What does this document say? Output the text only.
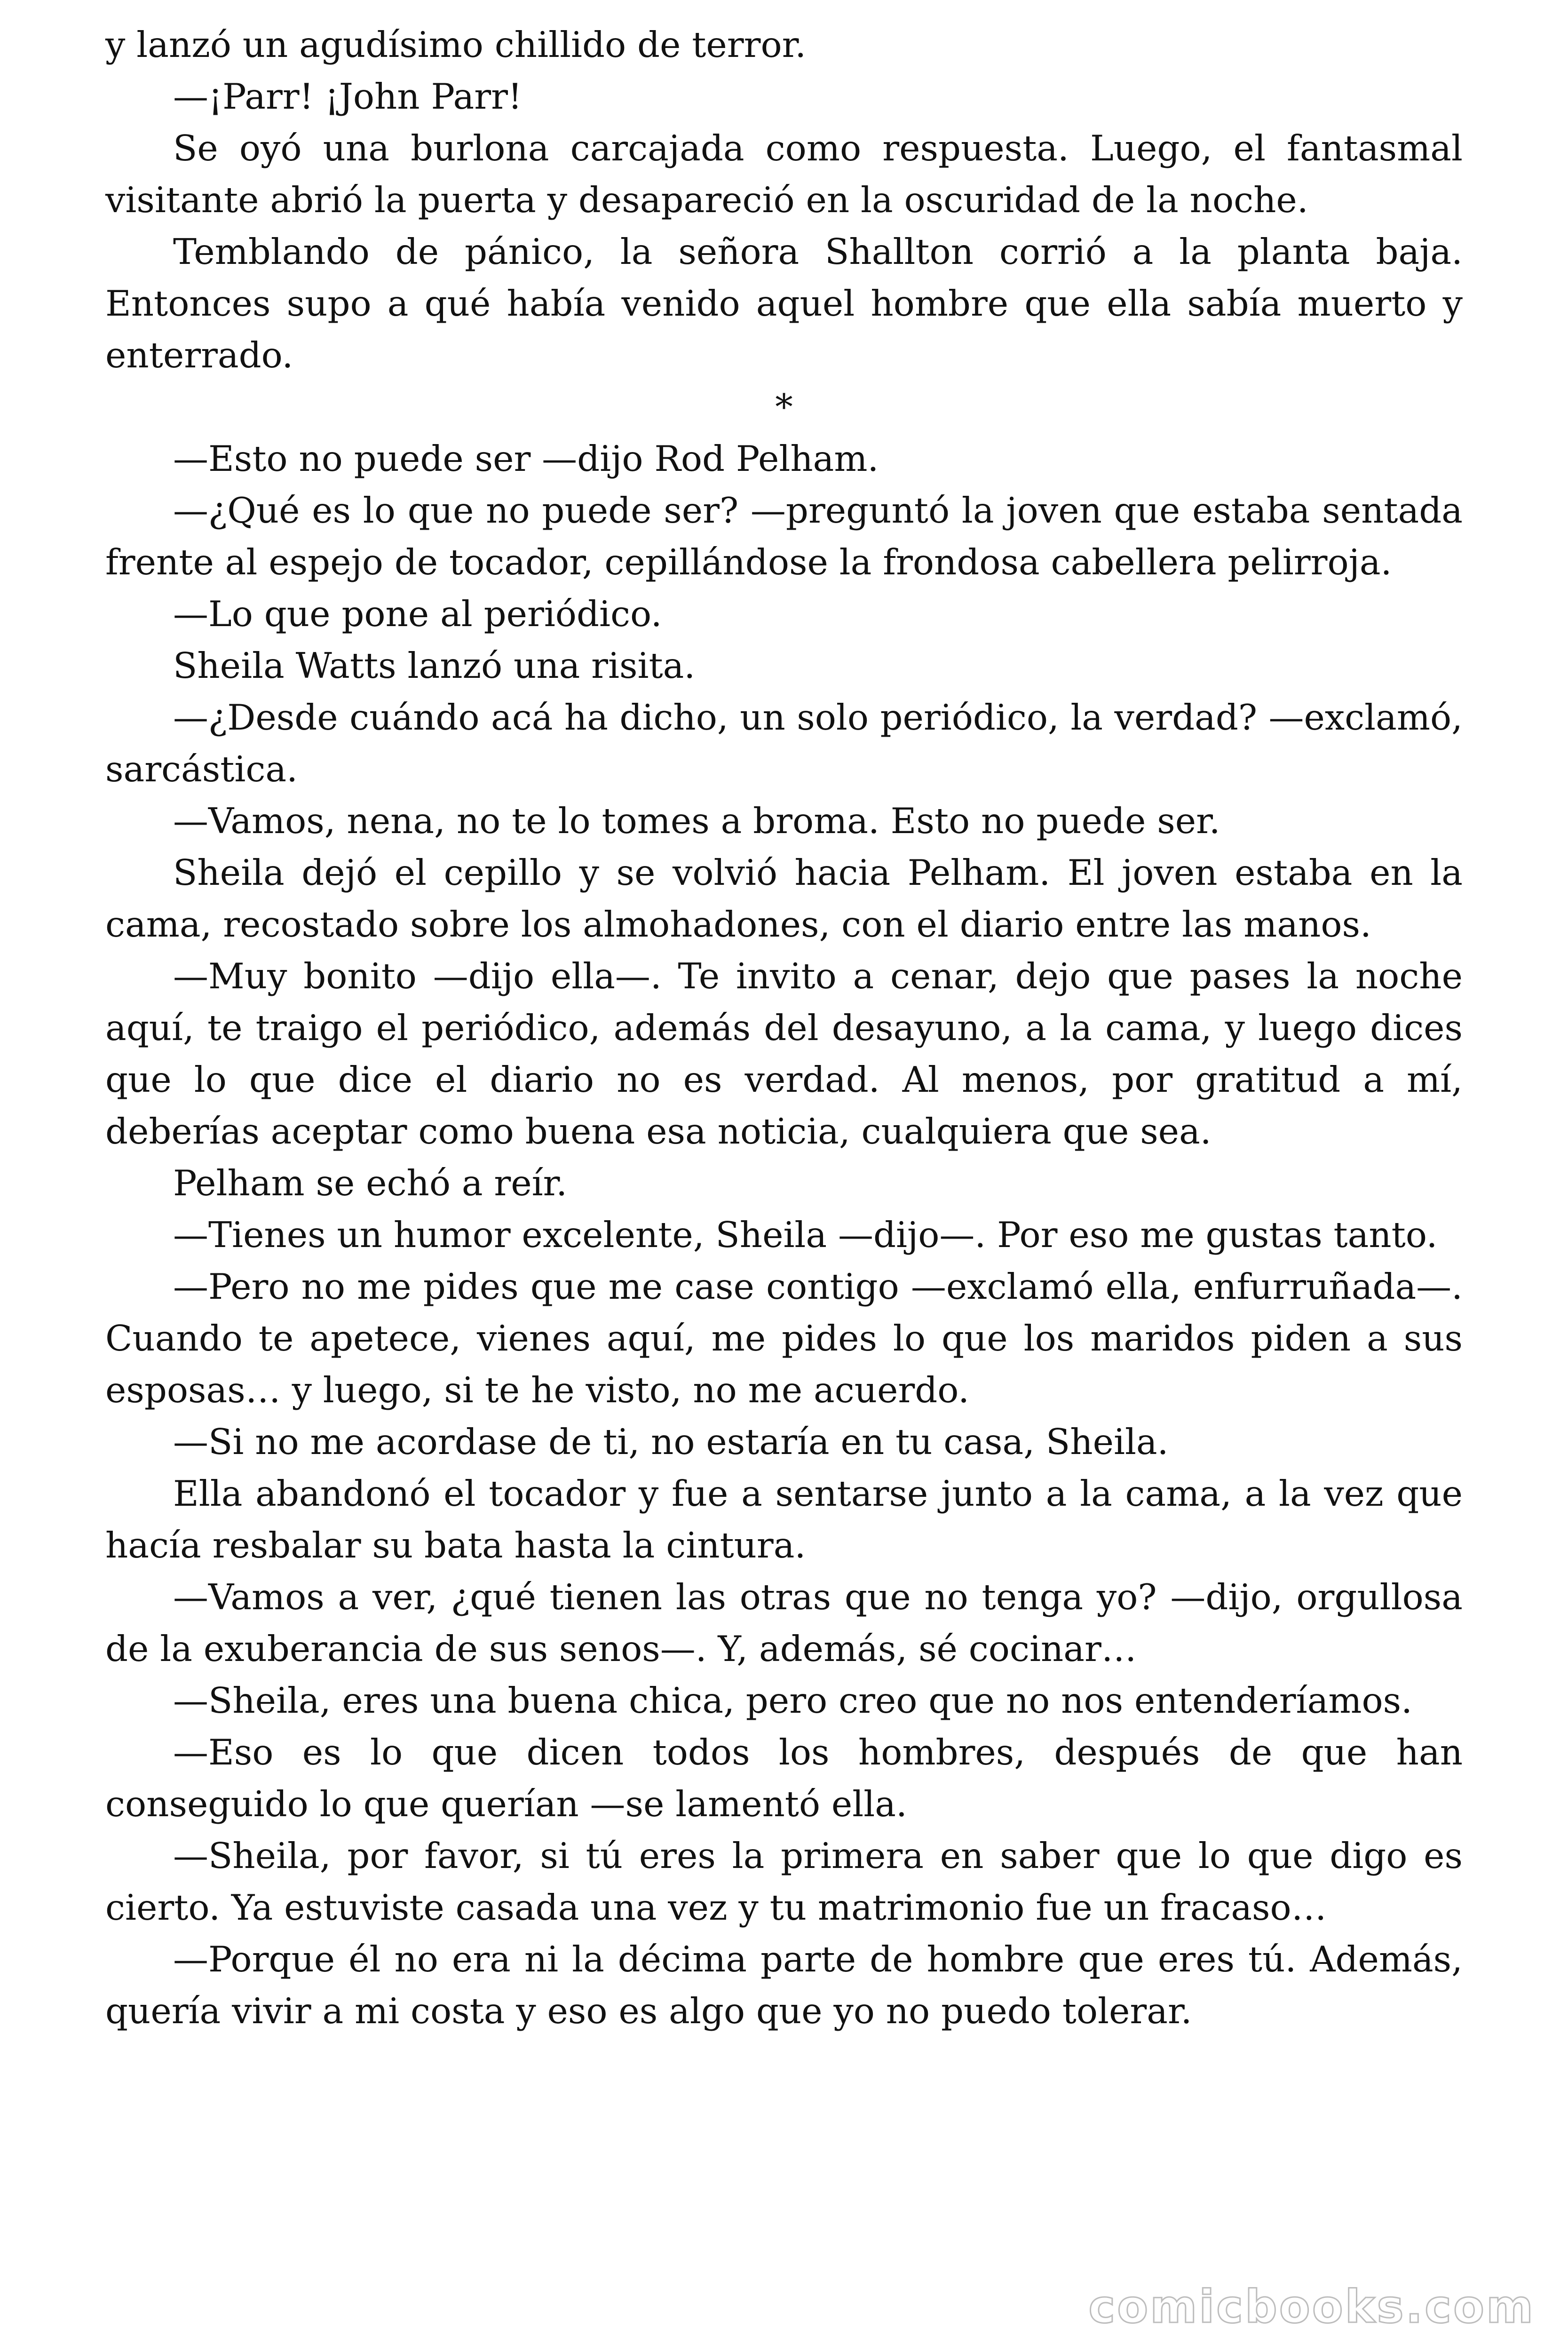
y lanzó un agudísimo chillido de terror.

—¡Parr! ¡John Parr!

Se oyó una burlona carcajada como respuesta. Luego, el fantasmal visitante abrió la puerta y desapareció en la oscuridad de la noche.

Temblando de pánico, la señora Shallton corrió a la planta baja. Entonces supo a qué había venido aquel hombre que ella sabía muerto y enterrado.

*

—Esto no puede ser —dijo Rod Pelham.

—¿Qué es lo que no puede ser? —preguntó la joven que estaba sentada frente al espejo de tocador, cepillándose la frondosa cabellera pelirroja.

—Lo que pone al periódico.

Sheila Watts lanzó una risita.

—¿Desde cuándo acá ha dicho, un solo periódico, la verdad? —exclamó, sarcástica.

—Vamos, nena, no te lo tomes a broma. Esto no puede ser.

Sheila dejó el cepillo y se volvió hacia Pelham. El joven estaba en la cama, recostado sobre los almohadones, con el diario entre las manos.

—Muy bonito —dijo ella—. Te invito a cenar, dejo que pases la noche aquí, te traigo el periódico, además del desayuno, a la cama, y luego dices que lo que dice el diario no es verdad. Al menos, por gratitud a mí, deberías aceptar como buena esa noticia, cualquiera que sea.

Pelham se echó a reír.

—Tienes un humor excelente, Sheila —dijo—. Por eso me gustas tanto.

—Pero no me pides que me case contigo —exclamó ella, enfurruñada—. Cuando te apetece, vienes aquí, me pides lo que los maridos piden a sus esposas… y luego, si te he visto, no me acuerdo.

—Si no me acordase de ti, no estaría en tu casa, Sheila.

Ella abandonó el tocador y fue a sentarse junto a la cama, a la vez que hacía resbalar su bata hasta la cintura.

—Vamos a ver, ¿qué tienen las otras que no tenga yo? —dijo, orgullosa de la exuberancia de sus senos—. Y, además, sé cocinar…

—Sheila, eres una buena chica, pero creo que no nos entenderíamos.

—Eso es lo que dicen todos los hombres, después de que han conseguido lo que querían —se lamentó ella.

—Sheila, por favor, si tú eres la primera en saber que lo que digo es cierto. Ya estuviste casada una vez y tu matrimonio fue un fracaso…

—Porque él no era ni la décima parte de hombre que eres tú. Además, quería vivir a mi costa y eso es algo que yo no puedo tolerar.

comicbooks.com
